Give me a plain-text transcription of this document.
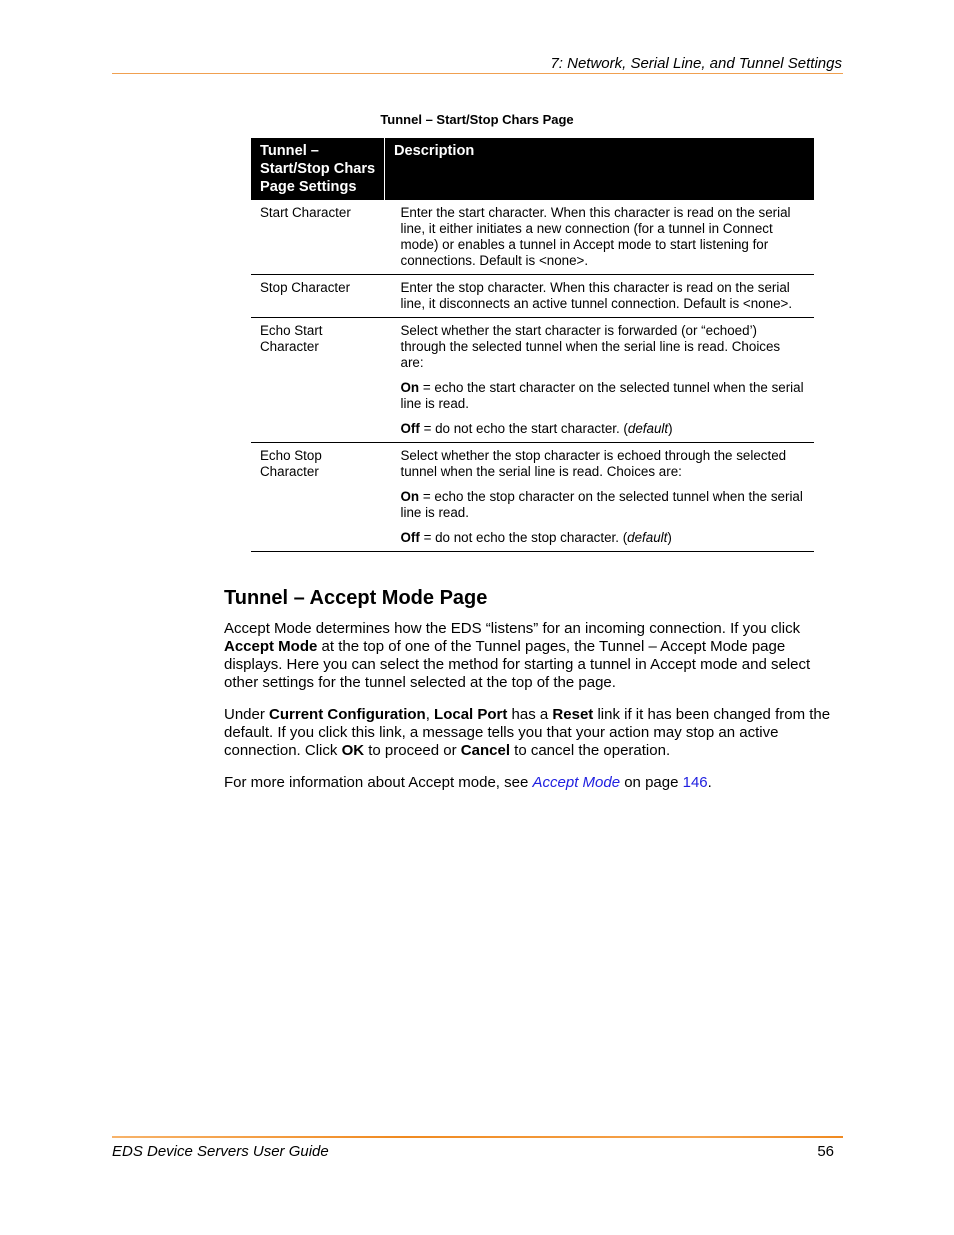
7: Network, Serial Line, and Tunnel Settings
Tunnel – Start/Stop Chars Page
Tunnel – Start/Stop Chars Page Settings	Description
Start Character	Enter the start character. When this character is read on the serial line, it either initiates a new connection (for a tunnel in Connect mode) or enables a tunnel in Accept mode to start listening for connections. Default is <none>.
Stop Character	Enter the stop character. When this character is read on the serial line, it disconnects an active tunnel connection. Default is <none>.
Echo Start Character	Select whether the start character is forwarded (or “echoed’) through the selected tunnel when the serial line is read. Choices are:

On = echo the start character on the selected tunnel when the serial line is read.

Off = do not echo the start character. (default)

Echo Stop Character	Select whether the stop character is echoed through the selected tunnel when the serial line is read. Choices are:

On = echo the stop character on the selected tunnel when the serial line is read.

Off = do not echo the stop character. (default)

Tunnel – Accept Mode Page

Accept Mode determines how the EDS “listens” for an incoming connection. If you click Accept Mode at the top of one of the Tunnel pages, the Tunnel – Accept Mode page displays. Here you can select the method for starting a tunnel in Accept mode and select other settings for the tunnel selected at the top of the page.

Under Current Configuration, Local Port has a Reset link if it has been changed from the default. If you click this link, a message tells you that your action may stop an active connection. Click OK to proceed or Cancel to cancel the operation.

For more information about Accept mode, see Accept Mode on page 146.

EDS Device Servers User Guide	56
